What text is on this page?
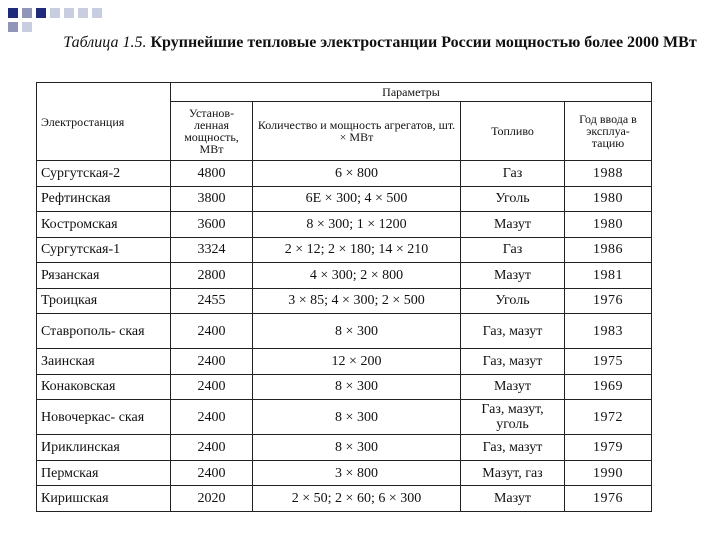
Таблица 1.5. Крупнейшие тепловые электростанции России мощностью более 2000 МВт
Электростанция	Параметры			
	Установ- ленная мощность, МВт	Количество и мощность агрегатов, шт. × МВт	Топливо	Год ввода в эксплуа- тацию
Сургутская-2	4800	6 × 800	Газ	1988
Рефтинская	3800	6Е × 300; 4 × 500	Уголь	1980
Костромская	3600	8 × 300; 1 × 1200	Мазут	1980
Сургутская-1	3324	2 × 12; 2 × 180; 14 × 210	Газ	1986
Рязанская	2800	4 × 300; 2 × 800	Мазут	1981
Троицкая	2455	3 × 85; 4 × 300; 2 × 500	Уголь	1976
Ставрополь- ская	2400	8 × 300	Газ, мазут	1983
Заинская	2400	12 × 200	Газ, мазут	1975
Конаковская	2400	8 × 300	Мазут	1969
Новочеркас- ская	2400	8 × 300	Газ, мазут, уголь	1972
Ириклинская	2400	8 × 300	Газ, мазут	1979
Пермская	2400	3 × 800	Мазут, газ	1990
Киришская	2020	2 × 50; 2 × 60; 6 × 300	Мазут	1976
